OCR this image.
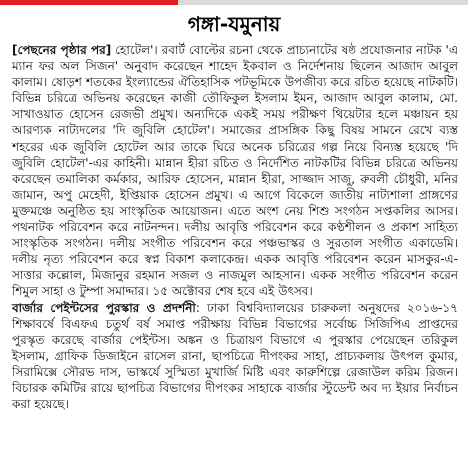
গঙ্গা-যমুনায়

[পেছনের পৃষ্ঠার পর] হোটেল'। রবার্ট বোল্টের রচনা থেকে প্রাচ্যনাটের ষষ্ঠ প্রযোজনার নাটক 'এ ম্যান ফর অল সিজন' অনুবাদ করেছেন শাহেদ ইকবাল ও নির্দেশনায় ছিলেন আজাদ আবুল কালাম। ষোড়শ শতকের ইংল্যান্ডের ঐতিহাসিক পটভূমিকে উপজীব্য করে রচিত হয়েছে নাটকটি। বিভিন্ন চরিত্রে অভিনয় করেছেন কাজী তৌফিকুল ইসলাম ইমন, আজাদ আবুল কালাম, মো. সাখাওয়াত হোসেন রেজভী প্রমুখ। অন্যদিকে একই সময় পরীক্ষণ থিয়েটার হলে মঞ্চায়ন হয় আরণ্যক নাট্যদলের 'দি জুবিলি হোটেল'। সমাজের প্রাসঙ্গিক কিছু বিষয় সামনে রেখে ব্যস্ত শহরের এক জুবিলি হোটেল আর তাকে ঘিরে অনেক চরিত্রের গল্প নিয়ে বিন্যস্ত হয়েছে 'দি জুবিলি হোটেল'-এর কাহিনী। মান্নান হীরা রচিত ও নির্দেশিত নাটকটির বিভিন্ন চরিত্রে অভিনয় করেছেন তমালিকা কর্মকার, আরিফ হোসেন, মান্নান হীরা, সাজ্জাদ সাজু, রুবলী চৌধুরী, মনির জামান, অপু মেহেদী, ইপ্তিয়াক হোসেন প্রমুখ। এ আগে বিকেলে জাতীয় নাট্যশালা প্রাঙ্গণের মুক্তমঞ্চে অনুষ্ঠিত হয় সাংস্কৃতিক আয়োজন। এতে অংশ নেয় শিশু সংগঠন সপ্তকলির আসর। পথনাটক পরিবেশন করে নাটনন্দন। দলীয় আবৃত্তি পরিবেশন করে কণ্ঠশীলন ও প্রকাশ সাহিত্য সাংস্কৃতিক সংগঠন। দলীয় সংগীত পরিবেশন করে পঞ্চভাস্কর ও সুরতাল সংগীত একাডেমি। দলীয় নৃত্য পরিবেশন করে স্বপ্ন বিকাশ কলাকেন্দ্র। একক আবৃত্তি পরিবেশন করেন মাসকুর-এ-সাত্তার কল্লোল, মিজানুর রহমান সজল ও নাজমুল আহসান। একক সংগীত পরিবেশন করেন শিমুল সাহা ও টুম্পা সমাদ্দার। ১৫ অক্টোবর শেষ হবে এই উৎসব।

বার্জার পেইন্টসের পুরস্কার ও প্রদর্শনী: ঢাকা বিশ্ববিদ্যালয়ের চারুকলা অনুষদের ২০১৬-১৭ শিক্ষাবর্ষে বিএফএ চতুর্থ বর্ষ সমাপ্ত পরীক্ষায় বিভিন্ন বিভাগের সর্বোচ্চ সিজিপিএ প্রাপ্তদের পুরস্কৃত করেছে বার্জার পেইন্টস। অঙ্কন ও চিত্রায়ণ বিভাগে এ পুরস্কার পেয়েছেন তরিকুল ইসলাম, গ্রাফিক ডিজাইনে রাসেল রানা, ছাপচিত্রে দীপংকর সাহা, প্রাচ্যকলায় উৎপল কুমার, সিরামিক্সে সৌরভ দাস, ভাস্কর্যে সুস্মিতা মুখার্জি মিষ্টি এবং কারুশিল্পে রেজাউল করিম রিজন। বিচারক কমিটির রায়ে ছাপচিত্র বিভাগের দীপংকর সাহাকে বার্জার স্টুডেন্ট অব দ্য ইয়ার নির্বাচন করা হয়েছে।
